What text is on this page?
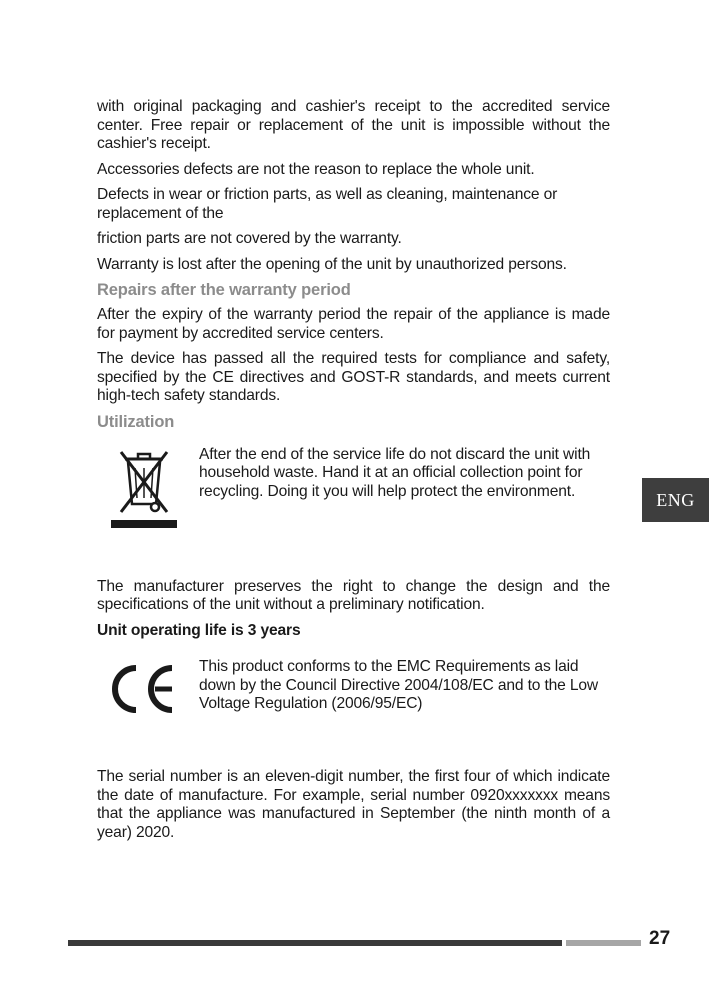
with original packaging and cashier's receipt to the accredited service center. Free repair or replacement of the unit is impossible without the cashier's receipt.

Accessories defects are not the reason to replace the whole unit.

Defects in wear or friction parts, as well as cleaning, maintenance or replacement of the

friction parts are not covered by the warranty.

Warranty is lost after the opening of the unit by unauthorized persons.

Repairs after the warranty period

After the expiry of the warranty period the repair of the appliance is made for payment by accredited service centers.

The device has passed all the required tests for compliance and safety, specified by the CE directives and GOST-R standards, and meets current high-tech safety standards.

Utilization
After the end of the service life do not discard the unit with household waste. Hand it at an official collection point for recycling. Doing it you will help protect the environment.

The manufacturer preserves the right to change the design and the specifications of the unit without a preliminary notification.

Unit operating life is 3 years

This product conforms to the EMC Requirements as laid down by the Council Directive 2004/108/EC and to the Low Voltage Regulation (2006/95/EC)

The serial number is an eleven-digit number, the first four of which indicate the date of manufacture. For example, serial number 0920xxxxxxx means that the appliance was manufactured in September (the ninth month of a year) 2020.

ENG
27
